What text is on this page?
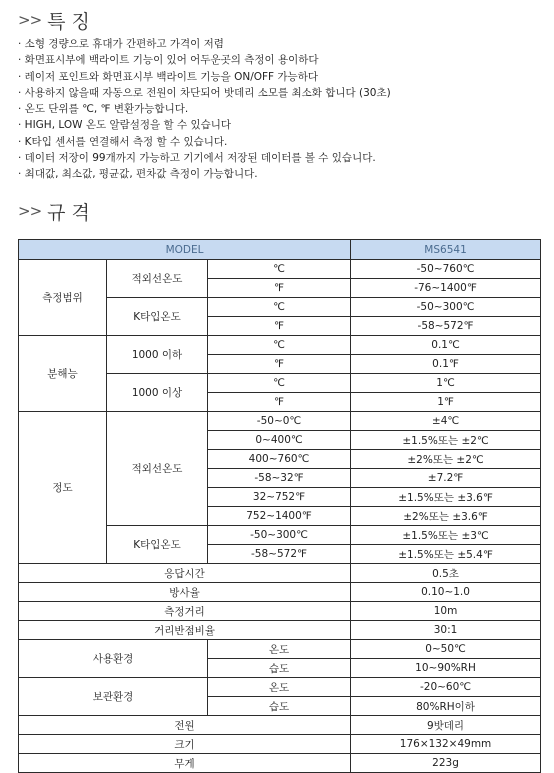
>> 특 징
· 소형 경량으로 휴대가 간편하고 가격이 저렴
· 화면표시부에 백라이트 기능이 있어 어두운곳의 측정이 용이하다
· 레이저 포인트와 화면표시부 백라이트 기능을 ON/OFF 가능하다
· 사용하지 않을때 자동으로 전원이 차단되어 밧데리 소모를 최소화 합니다 (30초)
· 온도 단위를 ℃, ℉ 변환가능합니다.
· HIGH, LOW 온도 알람설정을 할 수 있습니다
· K타입 센서를 연결해서 측정 할 수 있습니다.
· 데이터 저장이 99개까지 가능하고 기기에서 저장된 데이터를 볼 수 있습니다.
· 최대값, 최소값, 평균값, 편차값 측정이 가능합니다.
>> 규 격
MODEL			MS6541
측정범위	적외선온도	℃	-50~760℃
		℉	-76~1400℉
	K타입온도	℃	-50~300℃
		℉	-58~572℉
분해능	1000 이하	℃	0.1℃
		℉	0.1℉
	1000 이상	℃	1℃
		℉	1℉
정도	적외선온도	-50~0℃	±4℃
		0~400℃	±1.5%또는 ±2℃
		400~760℃	±2%또는 ±2℃
		-58~32℉	±7.2℉
		32~752℉	±1.5%또는 ±3.6℉
		752~1400℉	±2%또는 ±3.6℉
	K타입온도	-50~300℃	±1.5%또는 ±3℃
		-58~572℉	±1.5%또는 ±5.4℉
응답시간			0.5초
방사율			0.10~1.0
측정거리			10m
거리반점비율			30:1
사용환경		온도	0~50℃
		습도	10~90%RH
보관환경		온도	-20~60℃
		습도	80%RH이하
전원			9밧데리
크기			176×132×49mm
무게			223g
